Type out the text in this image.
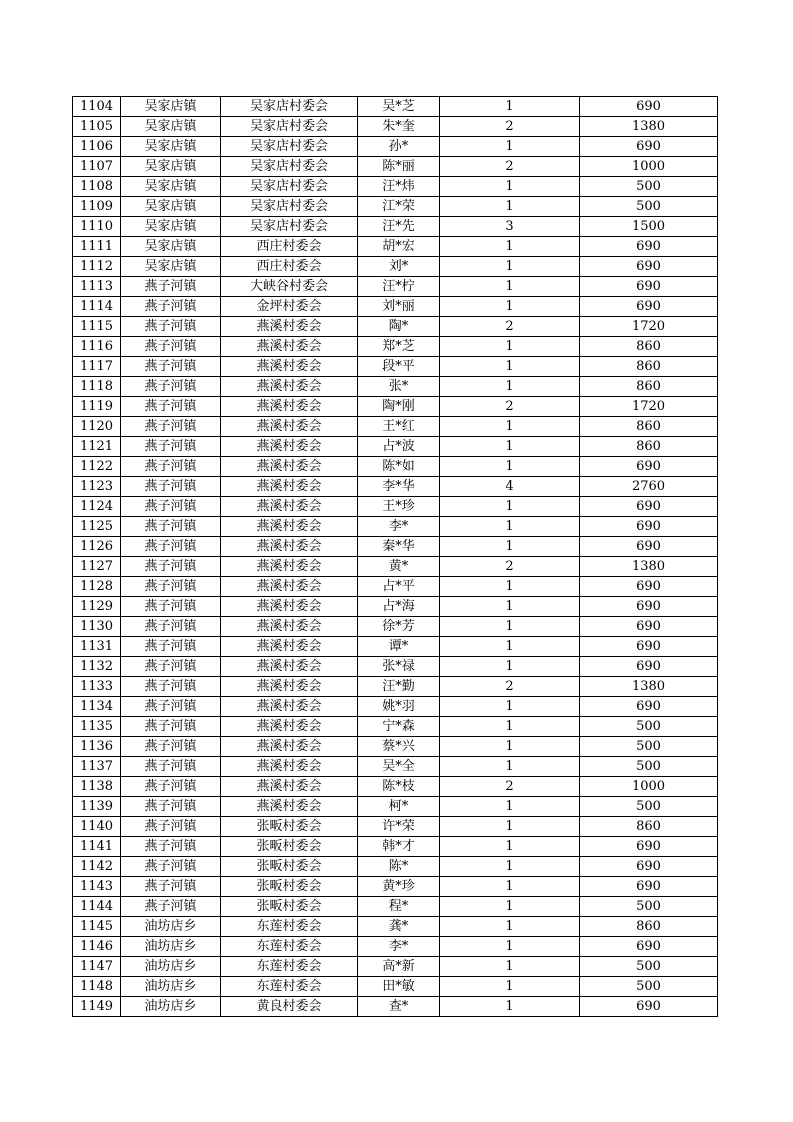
1104	吴家店镇	吴家店村委会	吴*芝	1	690
1105	吴家店镇	吴家店村委会	朱*奎	2	1380
1106	吴家店镇	吴家店村委会	孙*	1	690
1107	吴家店镇	吴家店村委会	陈*丽	2	1000
1108	吴家店镇	吴家店村委会	汪*炜	1	500
1109	吴家店镇	吴家店村委会	江*荣	1	500
1110	吴家店镇	吴家店村委会	汪*先	3	1500
1111	吴家店镇	西庄村委会	胡*宏	1	690
1112	吴家店镇	西庄村委会	刘*	1	690
1113	燕子河镇	大峡谷村委会	汪*柠	1	690
1114	燕子河镇	金坪村委会	刘*丽	1	690
1115	燕子河镇	燕溪村委会	陶*	2	1720
1116	燕子河镇	燕溪村委会	郑*芝	1	860
1117	燕子河镇	燕溪村委会	段*平	1	860
1118	燕子河镇	燕溪村委会	张*	1	860
1119	燕子河镇	燕溪村委会	陶*刚	2	1720
1120	燕子河镇	燕溪村委会	王*红	1	860
1121	燕子河镇	燕溪村委会	占*波	1	860
1122	燕子河镇	燕溪村委会	陈*如	1	690
1123	燕子河镇	燕溪村委会	李*华	4	2760
1124	燕子河镇	燕溪村委会	王*珍	1	690
1125	燕子河镇	燕溪村委会	李*	1	690
1126	燕子河镇	燕溪村委会	秦*华	1	690
1127	燕子河镇	燕溪村委会	黄*	2	1380
1128	燕子河镇	燕溪村委会	占*平	1	690
1129	燕子河镇	燕溪村委会	占*海	1	690
1130	燕子河镇	燕溪村委会	徐*芳	1	690
1131	燕子河镇	燕溪村委会	谭*	1	690
1132	燕子河镇	燕溪村委会	张*禄	1	690
1133	燕子河镇	燕溪村委会	汪*勤	2	1380
1134	燕子河镇	燕溪村委会	姚*羽	1	690
1135	燕子河镇	燕溪村委会	宁*森	1	500
1136	燕子河镇	燕溪村委会	蔡*兴	1	500
1137	燕子河镇	燕溪村委会	吴*全	1	500
1138	燕子河镇	燕溪村委会	陈*枝	2	1000
1139	燕子河镇	燕溪村委会	柯*	1	500
1140	燕子河镇	张畈村委会	许*荣	1	860
1141	燕子河镇	张畈村委会	韩*才	1	690
1142	燕子河镇	张畈村委会	陈*	1	690
1143	燕子河镇	张畈村委会	黄*珍	1	690
1144	燕子河镇	张畈村委会	程*	1	500
1145	油坊店乡	东莲村委会	龚*	1	860
1146	油坊店乡	东莲村委会	李*	1	690
1147	油坊店乡	东莲村委会	高*新	1	500
1148	油坊店乡	东莲村委会	田*敏	1	500
1149	油坊店乡	黄良村委会	查*	1	690
